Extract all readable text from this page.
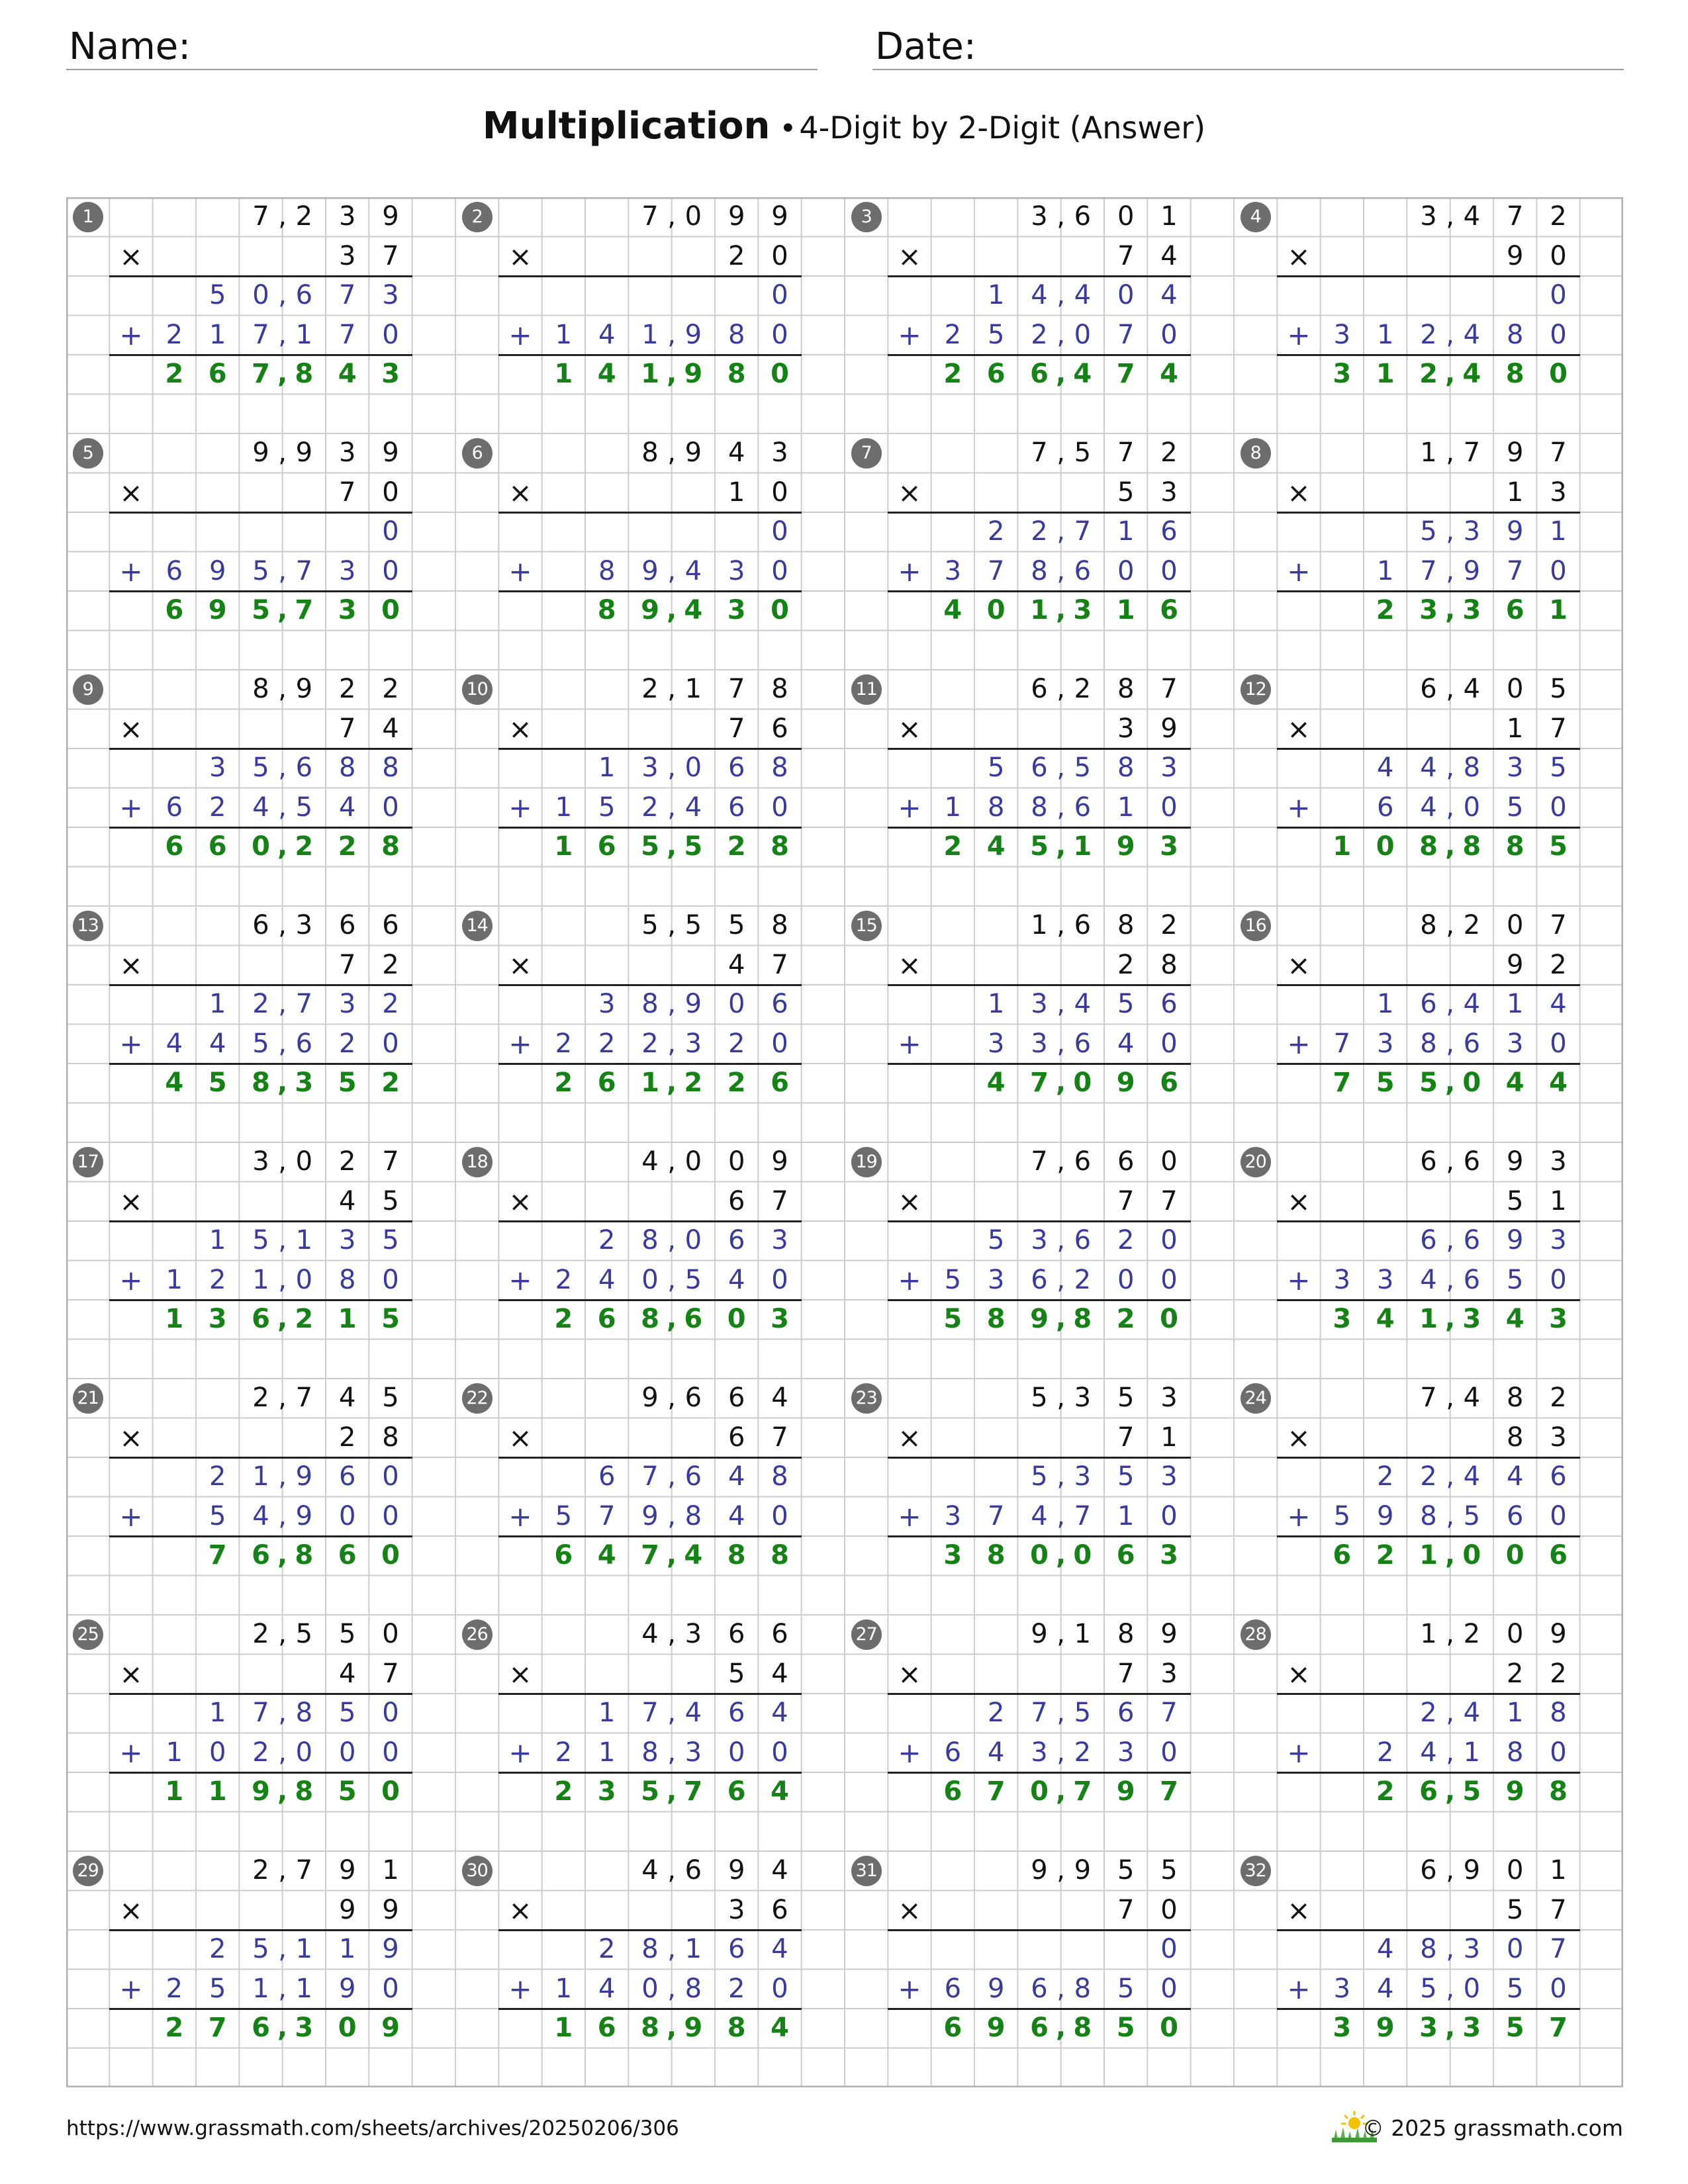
Name:	Date:
Multiplication •4-Digit by 2-Digit (Answer)
1	7 , 2 3 9
×	3 7
5 0 , 6 7 3
+ 2 1 7 , 1 7 0
2 6 7 , 8 4 3
2	7 , 0 9 9
×	2 0
0
+ 1 4 1 , 9 8 0
1 4 1 , 9 8 0
3	3 , 6 0 1
×	7 4
1 4 , 4 0 4
+ 2 5 2 , 0 7 0
2 6 6 , 4 7 4
4	3 , 4 7 2
×	9 0
0
+ 3 1 2 , 4 8 0
3 1 2 , 4 8 0
5	9 , 9 3 9
×	7 0
0
+ 6 9 5 , 7 3 0
6 9 5 , 7 3 0
6	8 , 9 4 3
×	1 0
0
+	8 9 , 4 3 0
8 9 , 4 3 0
7	7 , 5 7 2
×	5 3
2 2 , 7 1 6
+ 3 7 8 , 6 0 0
4 0 1 , 3 1 6
8	1 , 7 9 7
×	1 3
5 , 3 9 1
+	1 7 , 9 7 0
2 3 , 3 6 1
9	8 , 9 2 2
×	7 4
3 5 , 6 8 8
+ 6 2 4 , 5 4 0
6 6 0 , 2 2 8
10	2 , 1 7 8
×	7 6
1 3 , 0 6 8
+ 1 5 2 , 4 6 0
1 6 5 , 5 2 8
11	6 , 2 8 7
×	3 9
5 6 , 5 8 3
+ 1 8 8 , 6 1 0
2 4 5 , 1 9 3
12	6 , 4 0 5
×	1 7
4 4 , 8 3 5
+	6 4 , 0 5 0
1 0 8 , 8 8 5
13	6 , 3 6 6
×	7 2
1 2 , 7 3 2
+ 4 4 5 , 6 2 0
4 5 8 , 3 5 2
14	5 , 5 5 8
×	4 7
3 8 , 9 0 6
+ 2 2 2 , 3 2 0
2 6 1 , 2 2 6
15	1 , 6 8 2
×	2 8
1 3 , 4 5 6
+	3 3 , 6 4 0
4 7 , 0 9 6
16	8 , 2 0 7
×	9 2
1 6 , 4 1 4
+ 7 3 8 , 6 3 0
7 5 5 , 0 4 4
17	3 , 0 2 7
×	4 5
1 5 , 1 3 5
+ 1 2 1 , 0 8 0
1 3 6 , 2 1 5
18	4 , 0 0 9
×	6 7
2 8 , 0 6 3
+ 2 4 0 , 5 4 0
2 6 8 , 6 0 3
19	7 , 6 6 0
×	7 7
5 3 , 6 2 0
+ 5 3 6 , 2 0 0
5 8 9 , 8 2 0
20	6 , 6 9 3
×	5 1
6 , 6 9 3
+ 3 3 4 , 6 5 0
3 4 1 , 3 4 3
21	2 , 7 4 5
×	2 8
2 1 , 9 6 0
+	5 4 , 9 0 0
7 6 , 8 6 0
22	9 , 6 6 4
×	6 7
6 7 , 6 4 8
+ 5 7 9 , 8 4 0
6 4 7 , 4 8 8
23	5 , 3 5 3
×	7 1
5 , 3 5 3
+ 3 7 4 , 7 1 0
3 8 0 , 0 6 3
24	7 , 4 8 2
×	8 3
2 2 , 4 4 6
+ 5 9 8 , 5 6 0
6 2 1 , 0 0 6
25	2 , 5 5 0
×	4 7
1 7 , 8 5 0
+ 1 0 2 , 0 0 0
1 1 9 , 8 5 0
26	4 , 3 6 6
×	5 4
1 7 , 4 6 4
+ 2 1 8 , 3 0 0
2 3 5 , 7 6 4
27	9 , 1 8 9
×	7 3
2 7 , 5 6 7
+ 6 4 3 , 2 3 0
6 7 0 , 7 9 7
28	1 , 2 0 9
×	2 2
2 , 4 1 8
+	2 4 , 1 8 0
2 6 , 5 9 8
29	2 , 7 9 1
×	9 9
2 5 , 1 1 9
+ 2 5 1 , 1 9 0
2 7 6 , 3 0 9
30	4 , 6 9 4
×	3 6
2 8 , 1 6 4
+ 1 4 0 , 8 2 0
1 6 8 , 9 8 4
31	9 , 9 5 5
×	7 0
0
+ 6 9 6 , 8 5 0
6 9 6 , 8 5 0
32	6 , 9 0 1
×	5 7
4 8 , 3 0 7
+ 3 4 5 , 0 5 0
3 9 3 , 3 5 7
https://www.grassmath.com/sheets/archives/20250206/306	© 2025 grassmath.com
